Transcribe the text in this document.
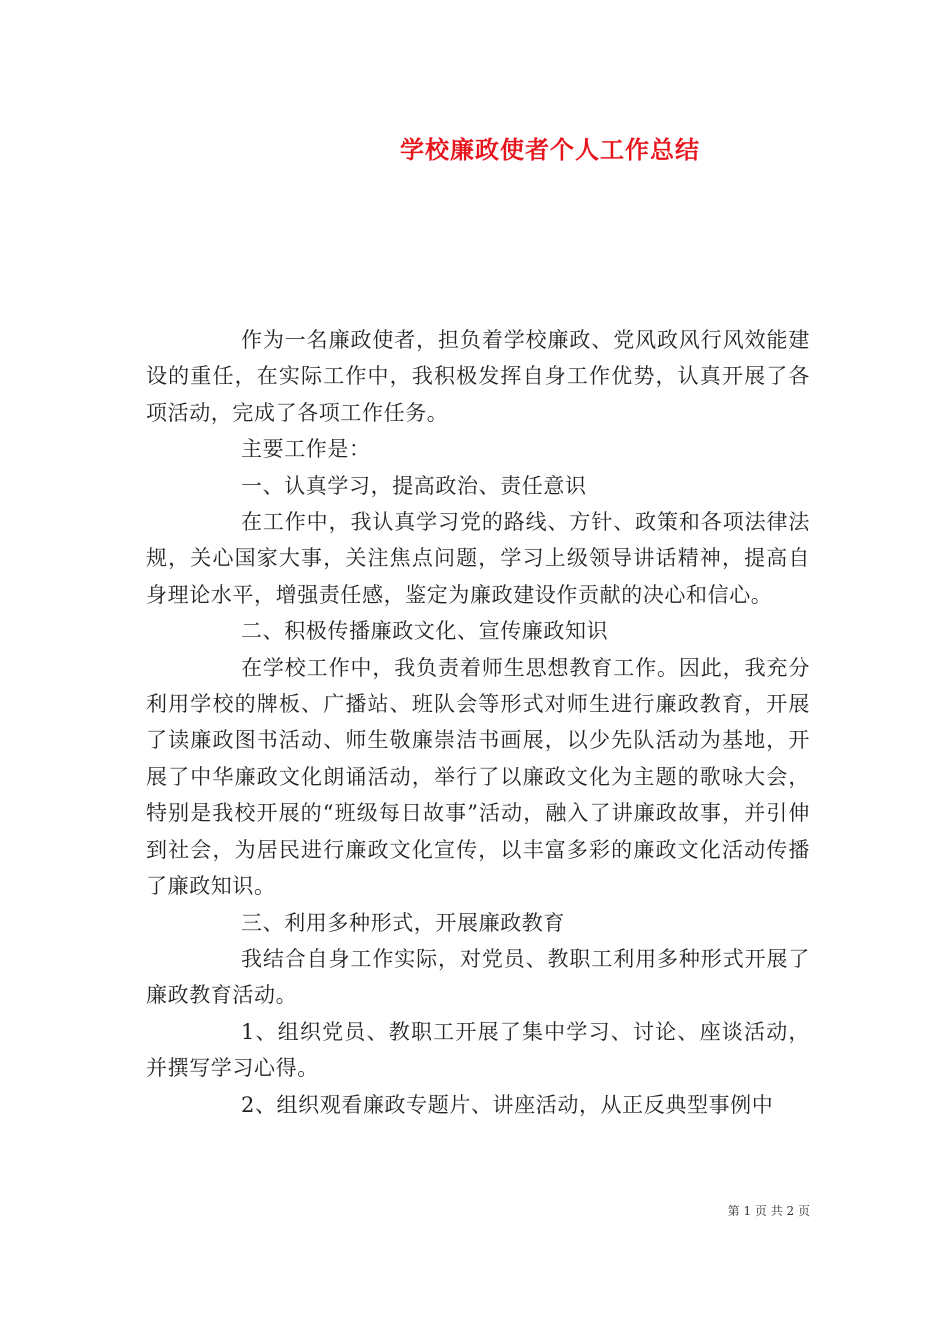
学校廉政使者个人工作总结

作为一名廉政使者，担负着学校廉政、党风政风行风效能建设的重任，在实际工作中，我积极发挥自身工作优势，认真开展了各项活动，完成了各项工作任务。

主要工作是：

一、认真学习，提高政治、责任意识

在工作中，我认真学习党的路线、方针、政策和各项法律法规，关心国家大事，关注焦点问题，学习上级领导讲话精神，提高自身理论水平，增强责任感，鉴定为廉政建设作贡献的决心和信心。

二、积极传播廉政文化、宣传廉政知识

在学校工作中，我负责着师生思想教育工作。因此，我充分利用学校的牌板、广播站、班队会等形式对师生进行廉政教育，开展了读廉政图书活动、师生敬廉崇洁书画展，以少先队活动为基地，开展了中华廉政文化朗诵活动，举行了以廉政文化为主题的歌咏大会，特别是我校开展的“班级每日故事”活动，融入了讲廉政故事，并引伸到社会，为居民进行廉政文化宣传，以丰富多彩的廉政文化活动传播了廉政知识。

三、利用多种形式，开展廉政教育

我结合自身工作实际，对党员、教职工利用多种形式开展了廉政教育活动。

1、组织党员、教职工开展了集中学习、讨论、座谈活动，并撰写学习心得。

2、组织观看廉政专题片、讲座活动，从正反典型事例中

第 1 页 共 2 页
